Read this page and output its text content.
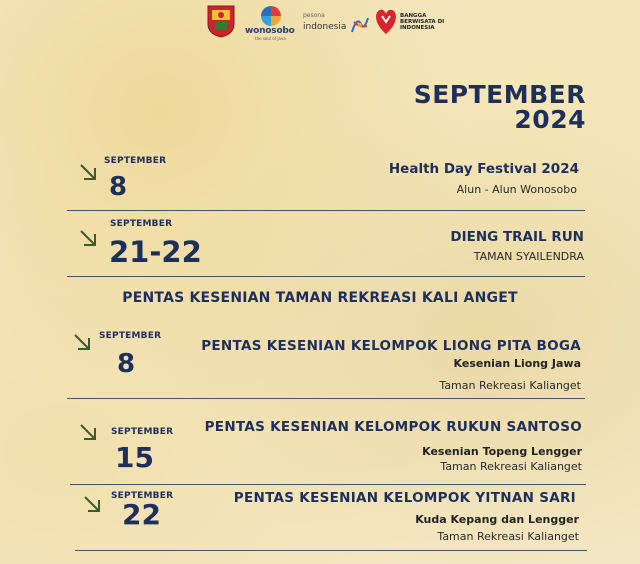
wonosobo
the soul of java
pesona
indonesia
BANGGA BERWISATA DI INDONESIA
SEPTEMBER
2024
SEPTEMBER
8
Health Day Festival 2024
Alun - Alun Wonosobo
SEPTEMBER
21-22	DIENG TRAIL RUN
TAMAN SYAILENDRA
PENTAS KESENIAN TAMAN REKREASI KALI ANGET
SEPTEMBER
8
PENTAS KESENIAN KELOMPOK LIONG PITA BOGA
Kesenian Liong Jawa
Taman Rekreasi Kalianget
SEPTEMBER
15
PENTAS KESENIAN KELOMPOK RUKUN SANTOSO
Kesenian Topeng Lengger
Taman Rekreasi Kalianget
SEPTEMBER
22	PENTAS KESENIAN KELOMPOK YITNAN SARI
Kuda Kepang dan Lengger
Taman Rekreasi Kalianget
